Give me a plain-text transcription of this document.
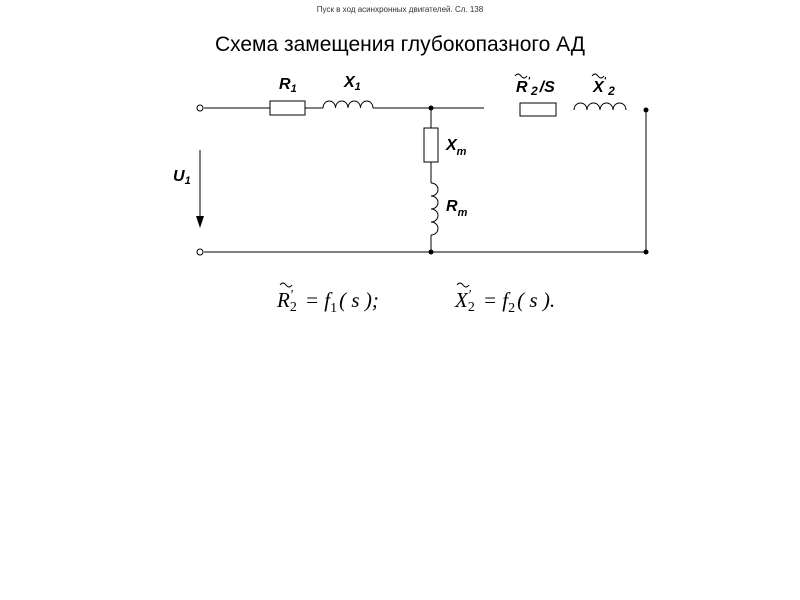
Пуск в ход асинхронных двигателей. Сл. 138
Схема замещения глубокопазного АД
R1	X1	$R'_2$ /S $X'_2$
$X_m$
$R_m$
U1
R′ $2 = f_1$( s );	X′ $2 = f_2$( s ).
